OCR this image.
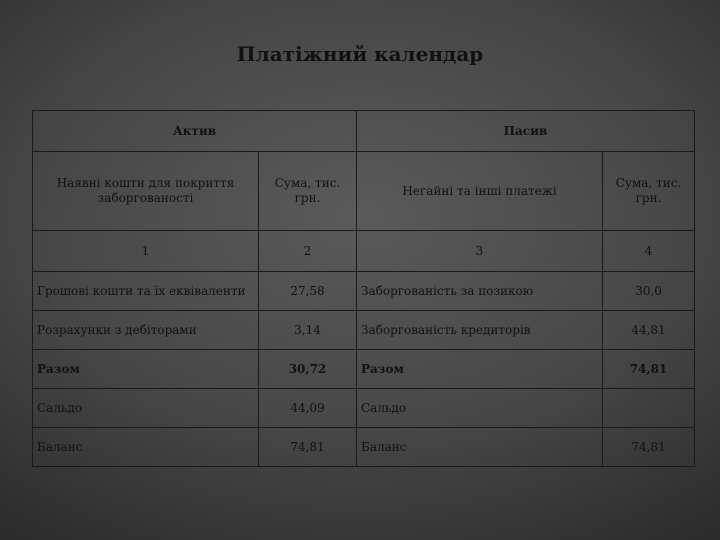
Платіжний календар
Актив		Пасив	
Наявні кошти для покриття заборгованості	Сума, тис. грн.	Негайні та інші платежі	Сума, тис. грн.
1	2	3	4
Грошові кошти та їх еквіваленти	27,58	Заборгованість за позикою	30,0
Розрахунки з дебіторами	3,14	Заборгованість кредиторів	44,81
Разом	30,72	Разом	74,81
Сальдо	44,09	Сальдо	
Баланс	74,81	Баланс	74,81
